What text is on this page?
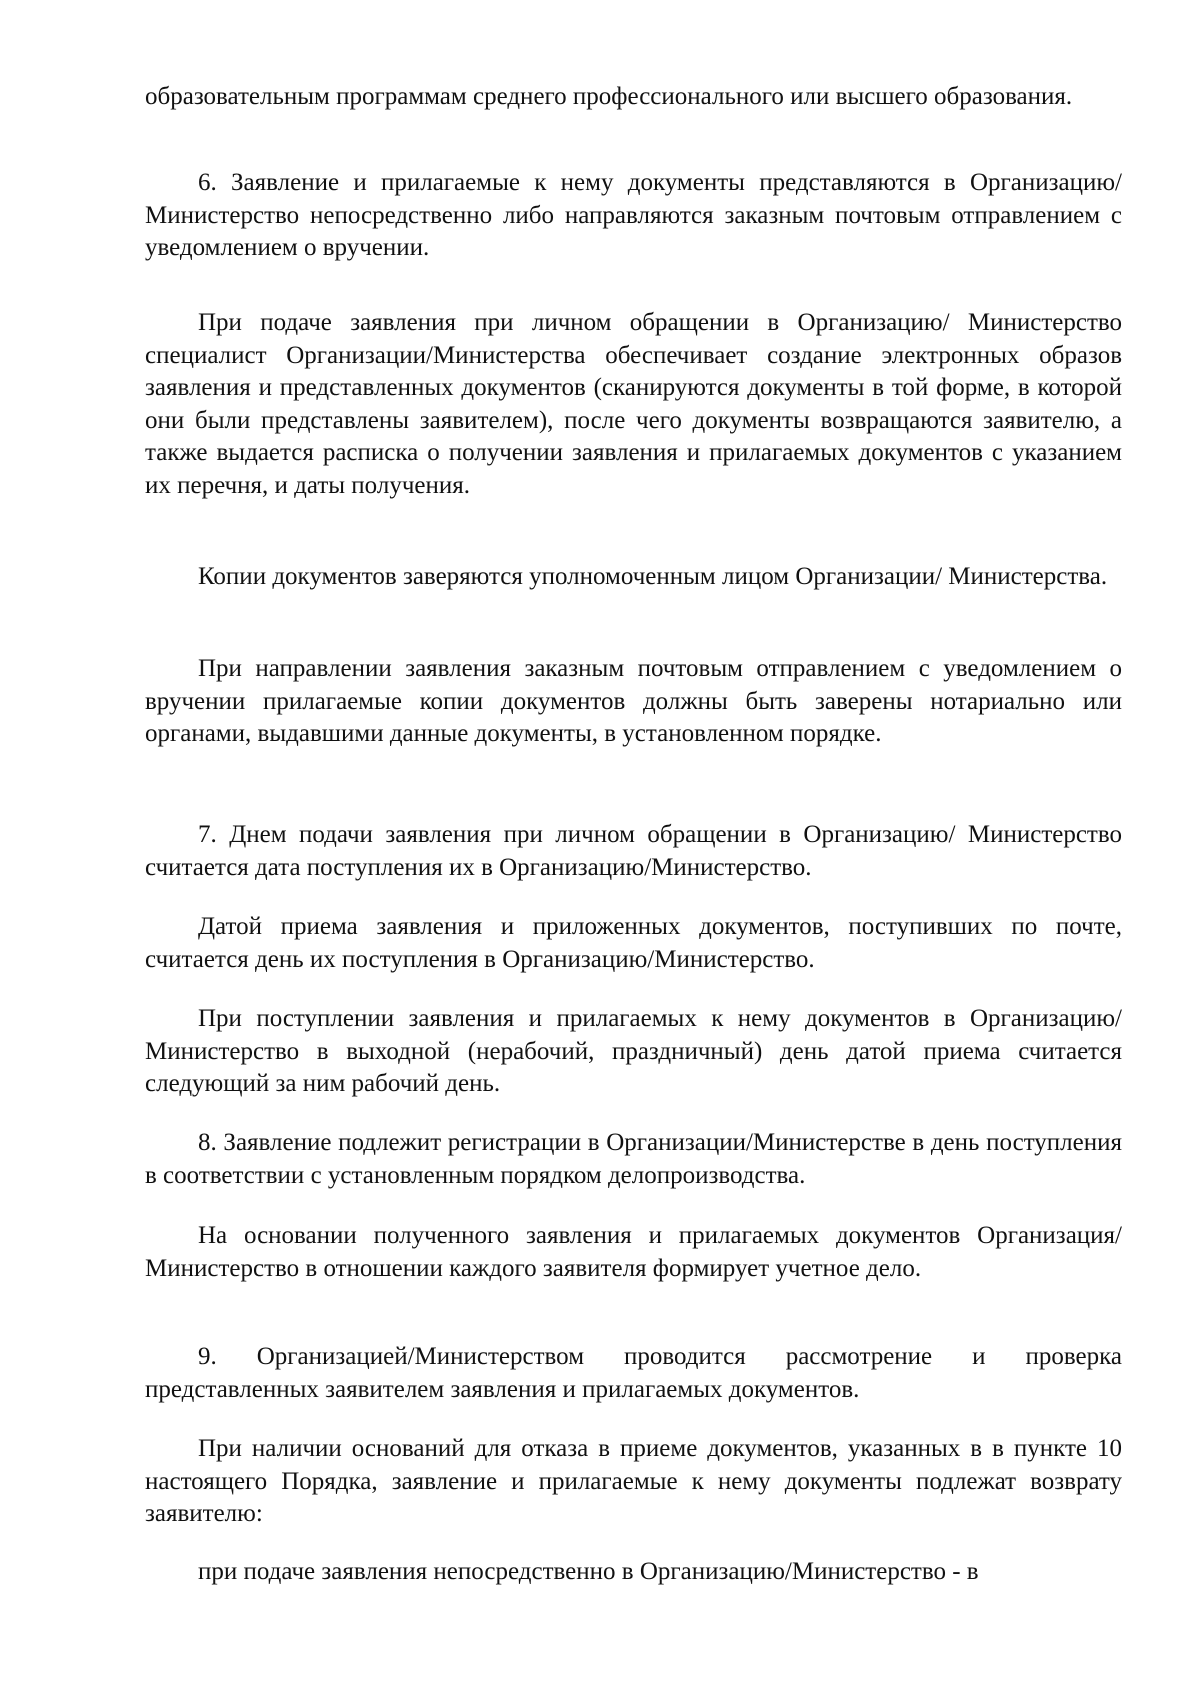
образовательным программам среднего профессионального или высшего образования.

6. Заявление и прилагаемые к нему документы представляются в Организацию/Министерство непосредственно либо направляются заказным почтовым отправлением с уведомлением о вручении.

При подаче заявления при личном обращении в Организацию/ Министерство специалист Организации/Министерства обеспечивает создание электронных образов заявления и представленных документов (сканируются документы в той форме, в которой они были представлены заявителем), после чего документы возвращаются заявителю, а также выдается расписка о получении заявления и прилагаемых документов с указанием их перечня, и даты получения.

Копии документов заверяются уполномоченным лицом Организации/ Министерства.

При направлении заявления заказным почтовым отправлением с уведомлением о вручении прилагаемые копии документов должны быть заверены нотариально или органами, выдавшими данные документы, в установленном порядке.

7. Днем подачи заявления при личном обращении в Организацию/ Министерство считается дата поступления их в Организацию/Министерство.

Датой приема заявления и приложенных документов, поступивших по почте, считается день их поступления в Организацию/Министерство.

При поступлении заявления и прилагаемых к нему документов в Организацию/Министерство в выходной (нерабочий, праздничный) день датой приема считается следующий за ним рабочий день.

8. Заявление подлежит регистрации в Организации/Министерстве в день поступления в соответствии с установленным порядком делопроизводства.

На основании полученного заявления и прилагаемых документов Организация/Министерство в отношении каждого заявителя формирует учетное дело.

9. Организацией/Министерством проводится рассмотрение и проверка представленных заявителем заявления и прилагаемых документов.

При наличии оснований для отказа в приеме документов, указанных в в пункте 10 настоящего Порядка, заявление и прилагаемые к нему документы подлежат возврату заявителю:

при подаче заявления непосредственно в Организацию/Министерство - в
